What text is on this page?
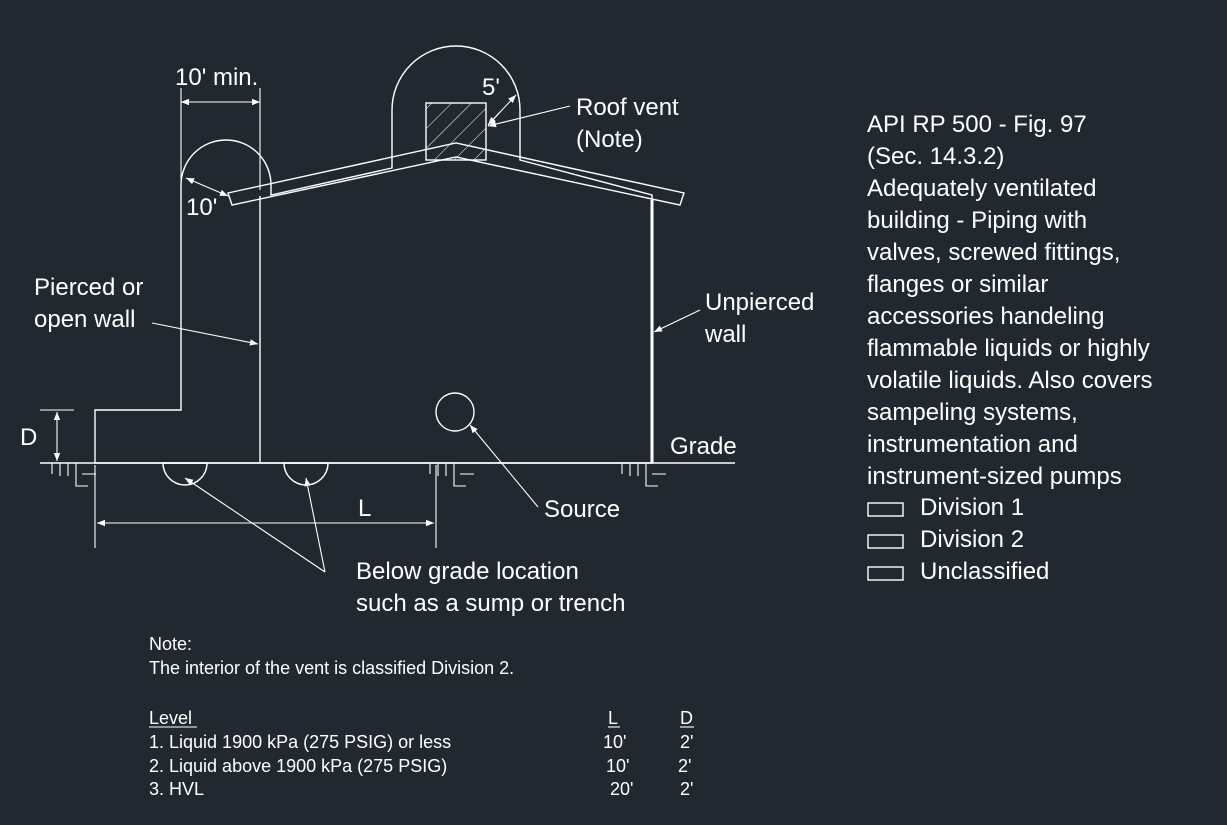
10' min.	5'
10'
D
L
Roof vent
(Note)
Pierced or
open wall
Unpierced
wall
Grade
Source
Below grade location
such as a sump or trench
API RP 500 - Fig. 97 (Sec. 14.3.2) Adequately ventilated building - Piping with valves, screwed fittings, flanges or similar accessories handeling flammable liquids or highly volatile liquids. Also covers sampeling systems, instrumentation and instrument-sized pumps
Division 1
Division 2
Unclassified
Note:
The interior of the vent is classified Division 2.
Level	L	D
1. Liquid 1900 kPa (275 PSIG) or less	10'	2'
2. Liquid above 1900 kPa (275 PSIG)	10'	2'
3. HVL	20'	2'
